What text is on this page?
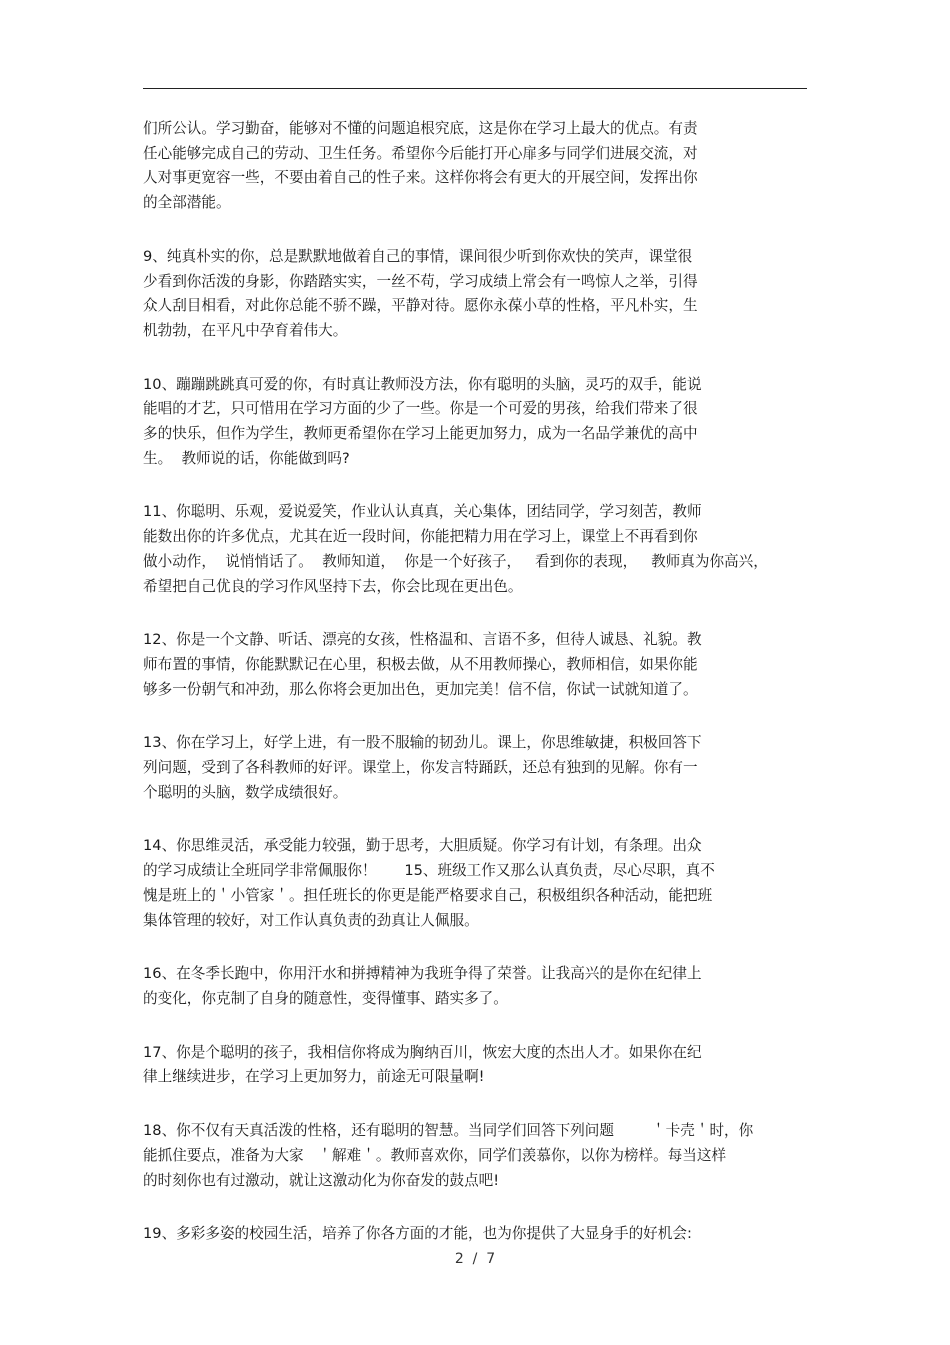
们所公认。学习勤奋，能够对不懂的问题追根究底，这是你在学习上最大的优点。有责
任心能够完成自己的劳动、卫生任务。希望你今后能打开心扉多与同学们进展交流，对
人对事更宽容一些，不要由着自己的性子来。这样你将会有更大的开展空间，发挥出你
的全部潜能。
9、纯真朴实的你，总是默默地做着自己的事情，课间很少听到你欢快的笑声，课堂很
少看到你活泼的身影，你踏踏实实，一丝不苟，学习成绩上常会有一鸣惊人之举，引得
众人刮目相看，对此你总能不骄不躁，平静对待。愿你永葆小草的性格，平凡朴实，生
机勃勃，在平凡中孕育着伟大。
10、蹦蹦跳跳真可爱的你，有时真让教师没方法，你有聪明的头脑，灵巧的双手，能说
能唱的才艺，只可惜用在学习方面的少了一些。你是一个可爱的男孩，给我们带来了很
多的快乐，但作为学生，教师更希望你在学习上能更加努力，成为一名品学兼优的高中
生。  教师说的话，你能做到吗?
11、你聪明、乐观，爱说爱笑，作业认认真真，关心集体，团结同学，学习刻苦，教师
能数出你的许多优点，尤其在近一段时间，你能把精力用在学习上，课堂上不再看到你
做小动作，  说悄悄话了。  教师知道，  你是一个好孩子，   看到你的表现，   教师真为你高兴，
希望把自己优良的学习作风坚持下去，你会比现在更出色。
12、你是一个文静、听话、漂亮的女孩，性格温和、言语不多，但待人诚恳、礼貌。教
师布置的事情，你能默默记在心里，积极去做，从不用教师操心，教师相信，如果你能
够多一份朝气和冲劲，那么你将会更加出色，更加完美！信不信，你试一试就知道了。
13、你在学习上，好学上进，有一股不服输的韧劲儿。课上，你思维敏捷，积极回答下
列问题，受到了各科教师的好评。课堂上，你发言特踊跃，还总有独到的见解。你有一
个聪明的头脑，数学成绩很好。
14、你思维灵活，承受能力较强，勤于思考，大胆质疑。你学习有计划，有条理。出众
的学习成绩让全班同学非常佩服你！      15、班级工作又那么认真负责，尽心尽职，真不
愧是班上的＇小管家＇。担任班长的你更是能严格要求自己，积极组织各种活动，能把班
集体管理的较好，对工作认真负责的劲真让人佩服。
16、在冬季长跑中，你用汗水和拼搏精神为我班争得了荣誉。让我高兴的是你在纪律上
的变化，你克制了自身的随意性，变得懂事、踏实多了。
17、你是个聪明的孩子，我相信你将成为胸纳百川，恢宏大度的杰出人才。如果你在纪
律上继续进步，在学习上更加努力，前途无可限量啊!
18、你不仅有天真活泼的性格，还有聪明的智慧。当同学们回答下列问题        ＇卡壳＇时，你
能抓住要点，准备为大家   ＇解难＇。教师喜欢你，同学们羡慕你，以你为榜样。每当这样
的时刻你也有过激动，就让这激动化为你奋发的鼓点吧!
19、多彩多姿的校园生活，培养了你各方面的才能，也为你提供了大显身手的好机会:
2  /  7
